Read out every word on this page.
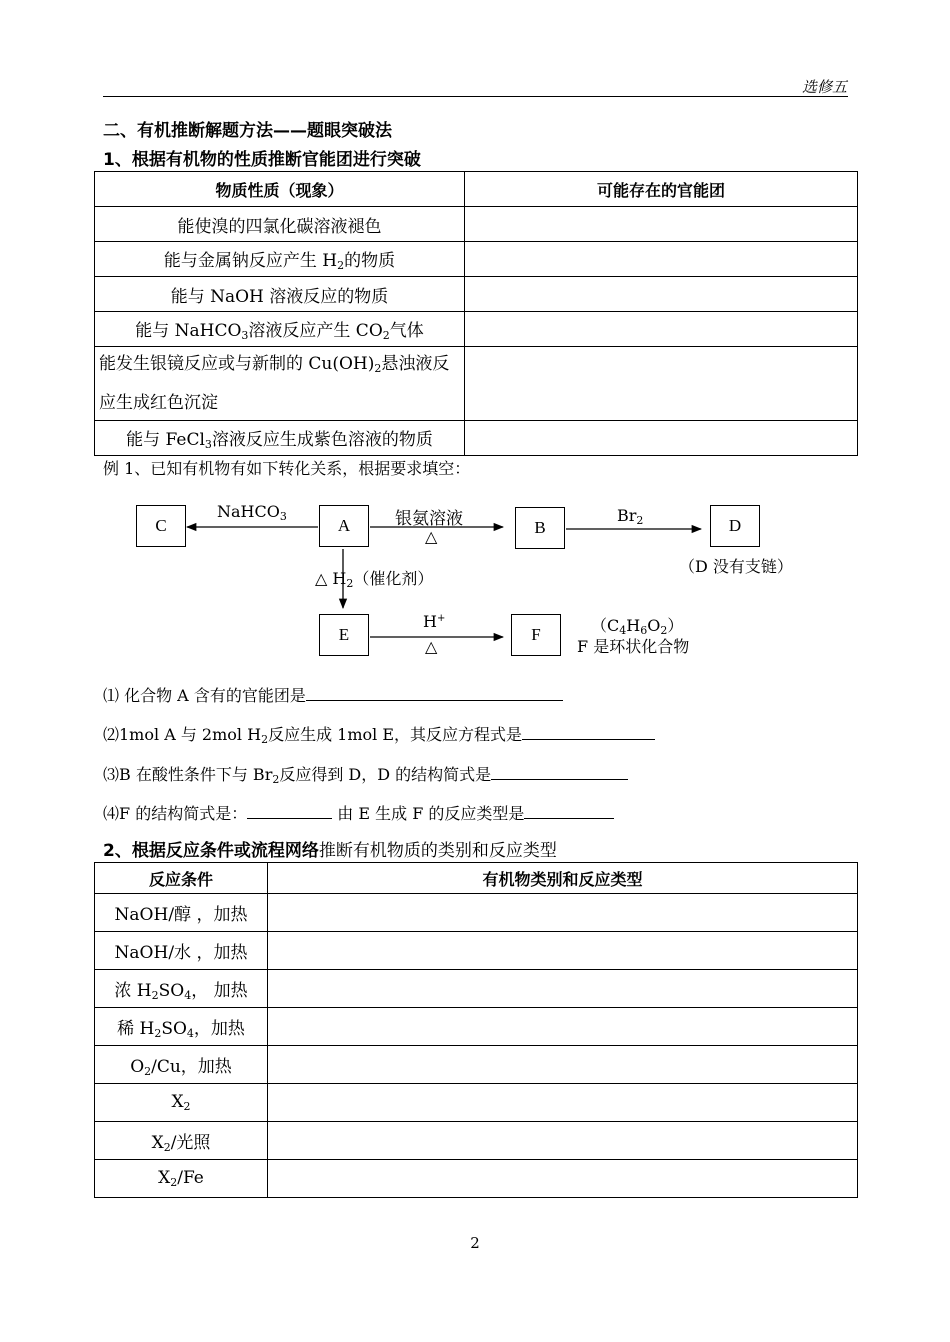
选修五
二、有机推断解题方法——题眼突破法
1、根据有机物的性质推断官能团进行突破
物质性质（现象）	可能存在的官能团
能使溴的四氯化碳溶液褪色	
能与金属钠反应产生 $H_2$的物质	
能与 NaOH 溶液反应的物质	
能与 NaHCO$_3$溶液反应产生 $CO_2$气体	
能发生银镜反应或与新制的 $Cu(OH)_2$悬浊液反应生成红色沉淀	
能与 FeCl$_3$溶液反应生成紫色溶液的物质	
例 1、已知有机物有如下转化关系，根据要求填空：
C	A	B	D
E	F
NaHCO$_3$	银氨溶液
△
$Br_2$
（D 没有支链）
△ $H_2$（催化剂）
H+
△
$(C_4H_6O_2)$
F 是环状化合物
⑴ 化合物 A 含有的官能团是
⑵1mol A 与 2mol $H_2$反应生成 1mol E，其反应方程式是
⑶B 在酸性条件下与 $Br_2$反应得到 D，D 的结构简式是
⑷F 的结构简式是：	由 E 生成 F 的反应类型是
2、根据反应条件或流程网络推断有机物质的类别和反应类型
反应条件	有机物类别和反应类型
NaOH/醇 ，加热	
NaOH/水 ，加热	
浓 $H_2SO_4$， 加热	
稀 $H_2SO_4$，加热	
$O_2/Cu$，加热	
$X_2$	
$X_2/$光照	
$X_2/Fe$	
2
